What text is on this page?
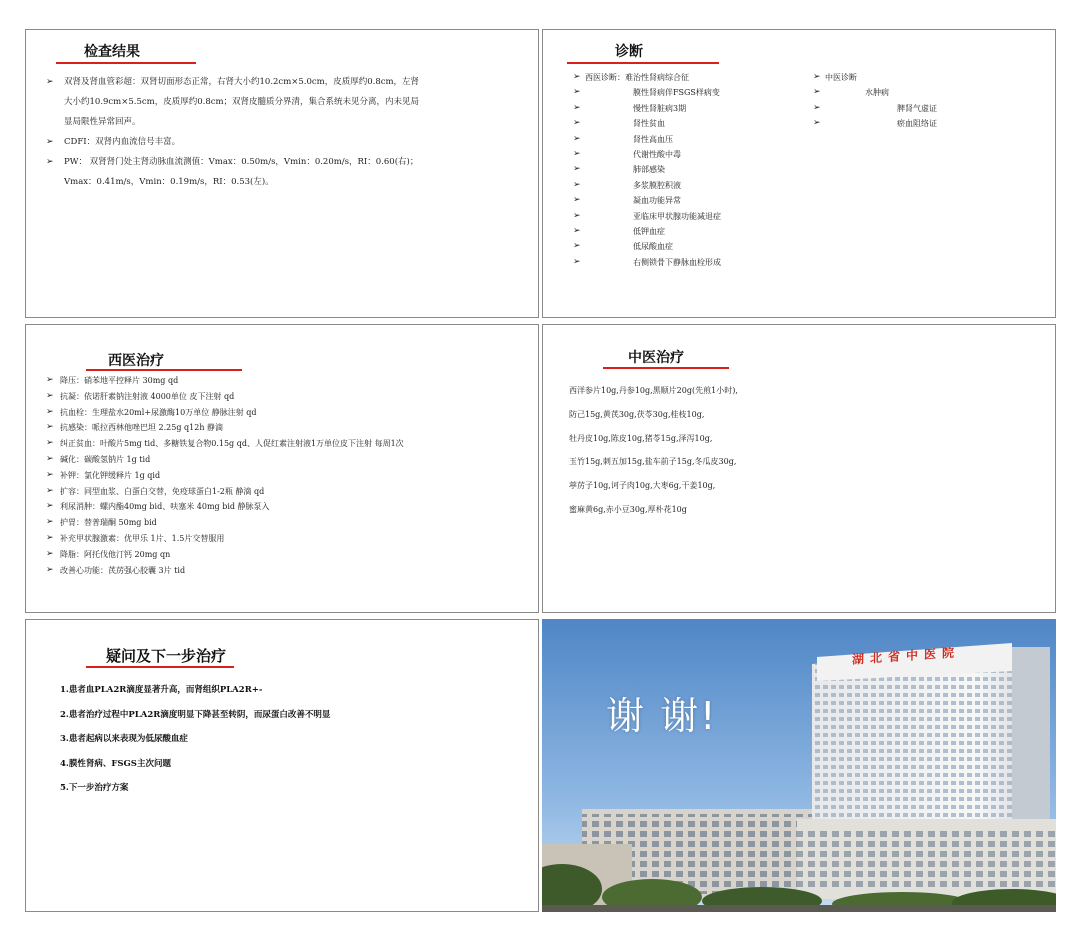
检查结果
➢ 双肾及肾血管彩超：双肾切面形态正常，右肾大小约10.2cm×5.0cm，皮质厚约0.8cm，左肾
大小约10.9cm×5.5cm，皮质厚约0.8cm；双肾皮髓质分界清，集合系统未见分离，内未见局
显局限性异常回声。
➢ CDFI：双肾内血流信号丰富。
➢ PW： 双肾肾门处主肾动脉血流测值：Vmax：0.50m/s，Vmin：0.20m/s，RI：0.60(右)；
Vmax：0.41m/s，Vmin：0.19m/s，RI：0.53(左)。
诊断
➢ 西医诊断：难治性肾病综合征
➢	膜性肾病伴FSGS样病变
➢	慢性肾脏病3期
➢	肾性贫血
➢	肾性高血压
➢	代谢性酸中毒
➢	肺部感染
➢	多浆膜腔积液
➢	凝血功能异常
➢	亚临床甲状腺功能减退症
➢	低钾血症
➢	低尿酸血症
➢	右侧锁骨下静脉血栓形成
➢ 中医诊断
➢	水肿病
➢	脾肾气虚证
➢	瘀血阻络证
西医治疗
➢ 降压：硝苯地平控释片 30mg qd
➢ 抗凝：依诺肝素钠注射液 4000单位 皮下注射 qd
➢ 抗血栓：生理盐水20ml+尿激酶10万单位 静脉注射 qd
➢ 抗感染：哌拉西林他唑巴坦 2.25g q12h 静滴
➢ 纠正贫血：叶酸片5mg tid、多糖铁复合物0.15g qd、人促红素注射液1万单位皮下注射 每周1次
➢ 碱化：碳酸氢钠片 1g tid
➢ 补钾：氯化钾缓释片 1g qid
➢ 扩容：同型血浆、白蛋白交替，免疫球蛋白1-2瓶 静滴 qd
➢ 利尿消肿：螺内酯40mg bid、呋塞米 40mg bid 静脉泵入
➢ 护胃：替普瑞酮 50mg bid
➢ 补充甲状腺激素：优甲乐 1片、1.5片交替服用
➢ 降脂：阿托伐他汀钙 20mg qn
➢ 改善心功能：芪苈强心胶囊 3片 tid
中医治疗
西洋参片10g,丹参10g,黑顺片20g(先煎1小时),
防己15g,黄芪30g,茯苓30g,桂枝10g,
牡丹皮10g,陈皮10g,猪苓15g,泽泻10g,
玉竹15g,刺五加15g,盐车前子15g,冬瓜皮30g,
葶苈子10g,诃子肉10g,大枣6g,干姜10g,
蜜麻黄6g,赤小豆30g,厚朴花10g
疑问及下一步治疗
1.患者血PLA2R滴度显著升高，而肾组织PLA2R+-
2.患者治疗过程中PLA2R滴度明显下降甚至转阴，而尿蛋白改善不明显
3.患者起病以来表现为低尿酸血症
4.膜性肾病、FSGS主次问题
5.下一步治疗方案
湖北省中医院
谢 谢!
